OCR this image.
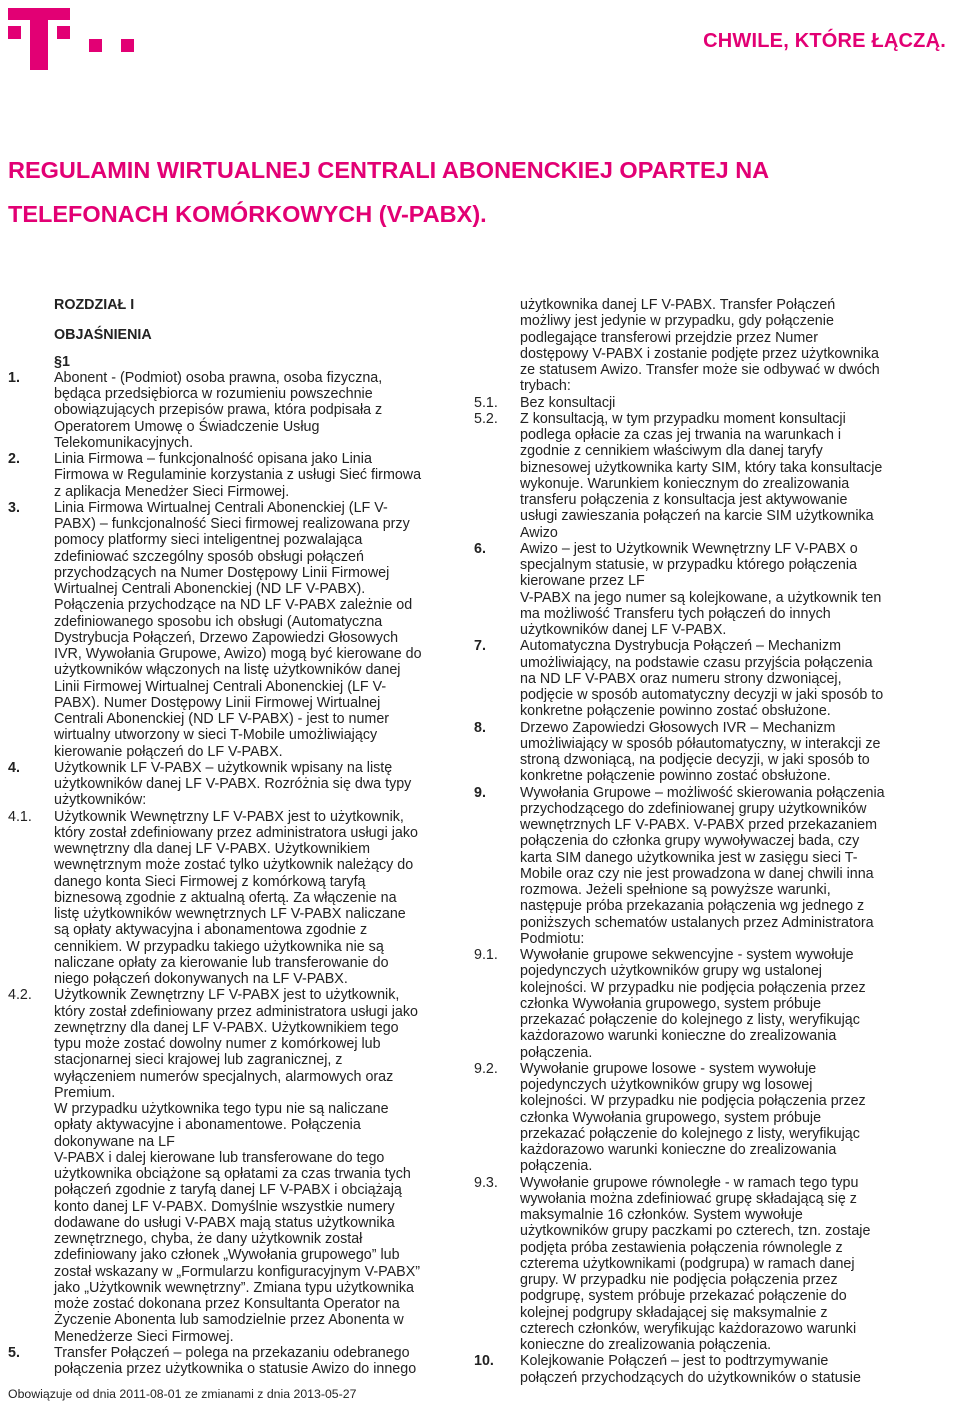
CHWILE, KTÓRE ŁĄCZĄ.
REGULAMIN WIRTUALNEJ CENTRALI ABONENCKIEJ OPARTEJ NA TELEFONACH KOMÓRKOWYCH (V-PABX).
ROZDZIAŁ I
OBJAŚNIENIA
§1
1.	Abonent - (Podmiot) osoba prawna, osoba fizyczna,
będąca przedsiębiorca w rozumieniu powszechnie
obowiązujących przepisów prawa, która podpisała z
Operatorem Umowę o Świadczenie Usług
Telekomunikacyjnych.
2.	Linia Firmowa – funkcjonalność opisana jako Linia
Firmowa w Regulaminie korzystania z usługi Sieć firmowa
z aplikacja Menedżer Sieci Firmowej.
3.	Linia Firmowa Wirtualnej Centrali Abonenckiej (LF V-
PABX) – funkcjonalność Sieci firmowej realizowana przy
pomocy platformy sieci inteligentnej pozwalająca
zdefiniować szczególny sposób obsługi połączeń
przychodzących na Numer Dostępowy Linii Firmowej
Wirtualnej Centrali Abonenckiej (ND LF V-PABX).
Połączenia przychodzące na ND LF V-PABX zależnie od
zdefiniowanego sposobu ich obsługi (Automatyczna
Dystrybucja Połączeń, Drzewo Zapowiedzi Głosowych
IVR, Wywołania Grupowe, Awizo) mogą być kierowane do
użytkowników włączonych na listę użytkowników danej
Linii Firmowej Wirtualnej Centrali Abonenckiej (LF V-
PABX). Numer Dostępowy Linii Firmowej Wirtualnej
Centrali Abonenckiej (ND LF V-PABX) - jest to numer
wirtualny utworzony w sieci T-Mobile umożliwiający
kierowanie połączeń do LF V-PABX.
4.	Użytkownik LF V-PABX – użytkownik wpisany na listę
użytkowników danej LF V-PABX. Rozróżnia się dwa typy
użytkowników:
4.1.	Użytkownik Wewnętrzny LF V-PABX jest to użytkownik,
który został zdefiniowany przez administratora usługi jako
wewnętrzny dla danej LF V-PABX. Użytkownikiem
wewnętrznym może zostać tylko użytkownik należący do
danego konta Sieci Firmowej z komórkową taryfą
biznesową zgodnie z aktualną ofertą. Za włączenie na
listę użytkowników wewnętrznych LF V-PABX naliczane
są opłaty aktywacyjna i abonamentowa zgodnie z
cennikiem. W przypadku takiego użytkownika nie są
naliczane opłaty za kierowanie lub transferowanie do
niego połączeń dokonywanych na LF V-PABX.
4.2.	Użytkownik Zewnętrzny LF V-PABX jest to użytkownik,
który został zdefiniowany przez administratora usługi jako
zewnętrzny dla danej LF V-PABX. Użytkownikiem tego
typu może zostać dowolny numer z komórkowej lub
stacjonarnej sieci krajowej lub zagranicznej, z
wyłączeniem numerów specjalnych, alarmowych oraz
Premium.
W przypadku użytkownika tego typu nie są naliczane
opłaty aktywacyjne i abonamentowe. Połączenia
dokonywane na LF
V-PABX i dalej kierowane lub transferowane do tego
użytkownika obciążone są opłatami za czas trwania tych
połączeń zgodnie z taryfą danej LF V-PABX i obciążają
konto danej LF V-PABX. Domyślnie wszystkie numery
dodawane do usługi V-PABX mają status użytkownika
zewnętrznego, chyba, że dany użytkownik został
zdefiniowany jako członek „Wywołania grupowego” lub
został wskazany w „Formularzu konfiguracyjnym V-PABX”
jako „Użytkownik wewnętrzny”. Zmiana typu użytkownika
może zostać dokonana przez Konsultanta Operator na
Życzenie Abonenta lub samodzielnie przez Abonenta w
Menedżerze Sieci Firmowej.
5.	Transfer Połączeń – polega na przekazaniu odebranego
połączenia przez użytkownika o statusie Awizo do innego
użytkownika danej LF V-PABX. Transfer Połączeń
możliwy jest jedynie w przypadku, gdy połączenie
podlegające transferowi przejdzie przez Numer
dostępowy V-PABX i zostanie podjęte przez użytkownika
ze statusem Awizo. Transfer może sie odbywać w dwóch
trybach:
5.1.	Bez konsultacji
5.2.	Z konsultacją, w tym przypadku moment konsultacji
podlega opłacie za czas jej trwania na warunkach i
zgodnie z cennikiem właściwym dla danej taryfy
biznesowej użytkownika karty SIM, który taka konsultacje
wykonuje. Warunkiem koniecznym do zrealizowania
transferu połączenia z konsultacja jest aktywowanie
usługi zawieszania połączeń na karcie SIM użytkownika
Awizo
6.	Awizo – jest to Użytkownik Wewnętrzny LF V-PABX o
specjalnym statusie, w przypadku którego połączenia
kierowane przez LF
V-PABX na jego numer są kolejkowane, a użytkownik ten
ma możliwość Transferu tych połączeń do innych
użytkowników danej LF V-PABX.
7.	Automatyczna Dystrybucja Połączeń – Mechanizm
umożliwiający, na podstawie czasu przyjścia połączenia
na ND LF V-PABX oraz numeru strony dzwoniącej,
podjęcie w sposób automatyczny decyzji w jaki sposób to
konkretne połączenie powinno zostać obsłużone.
8.	Drzewo Zapowiedzi Głosowych IVR – Mechanizm
umożliwiający w sposób półautomatyczny, w interakcji ze
stroną dzwoniącą, na podjęcie decyzji, w jaki sposób to
konkretne połączenie powinno zostać obsłużone.
9.	Wywołania Grupowe – możliwość skierowania połączenia
przychodzącego do zdefiniowanej grupy użytkowników
wewnętrznych LF V-PABX. V-PABX przed przekazaniem
połączenia do członka grupy wywoływaczej bada, czy
karta SIM danego użytkownika jest w zasięgu sieci T-
Mobile oraz czy nie jest prowadzona w danej chwili inna
rozmowa. Jeżeli spełnione są powyższe warunki,
następuje próba przekazania połączenia wg jednego z
poniższych schematów ustalanych przez Administratora
Podmiotu:
9.1.	Wywołanie grupowe sekwencyjne - system wywołuje
pojedynczych użytkowników grupy wg ustalonej
kolejności. W przypadku nie podjęcia połączenia przez
członka Wywołania grupowego, system próbuje
przekazać połączenie do kolejnego z listy, weryfikując
każdorazowo warunki konieczne do zrealizowania
połączenia.
9.2.	Wywołanie grupowe losowe - system wywołuje
pojedynczych użytkowników grupy wg losowej
kolejności. W przypadku nie podjęcia połączenia przez
członka Wywołania grupowego, system próbuje
przekazać połączenie do kolejnego z listy, weryfikując
każdorazowo warunki konieczne do zrealizowania
połączenia.
9.3.	Wywołanie grupowe równoległe - w ramach tego typu
wywołania można zdefiniować grupę składającą się z
maksymalnie 16 członków. System wywołuje
użytkowników grupy paczkami po czterech, tzn. zostaje
podjęta próba zestawienia połączenia równolegle z
czterema użytkownikami (podgrupa) w ramach danej
grupy. W przypadku nie podjęcia połączenia przez
podgrupę, system próbuje przekazać połączenie do
kolejnej podgrupy składającej się maksymalnie z
czterech członków, weryfikując każdorazowo warunki
konieczne do zrealizowania połączenia.
10.	Kolejkowanie Połączeń – jest to podtrzymywanie
połączeń przychodzących do użytkowników o statusie
Obowiązuje od dnia 2011-08-01 ze zmianami z dnia 2013-05-27
